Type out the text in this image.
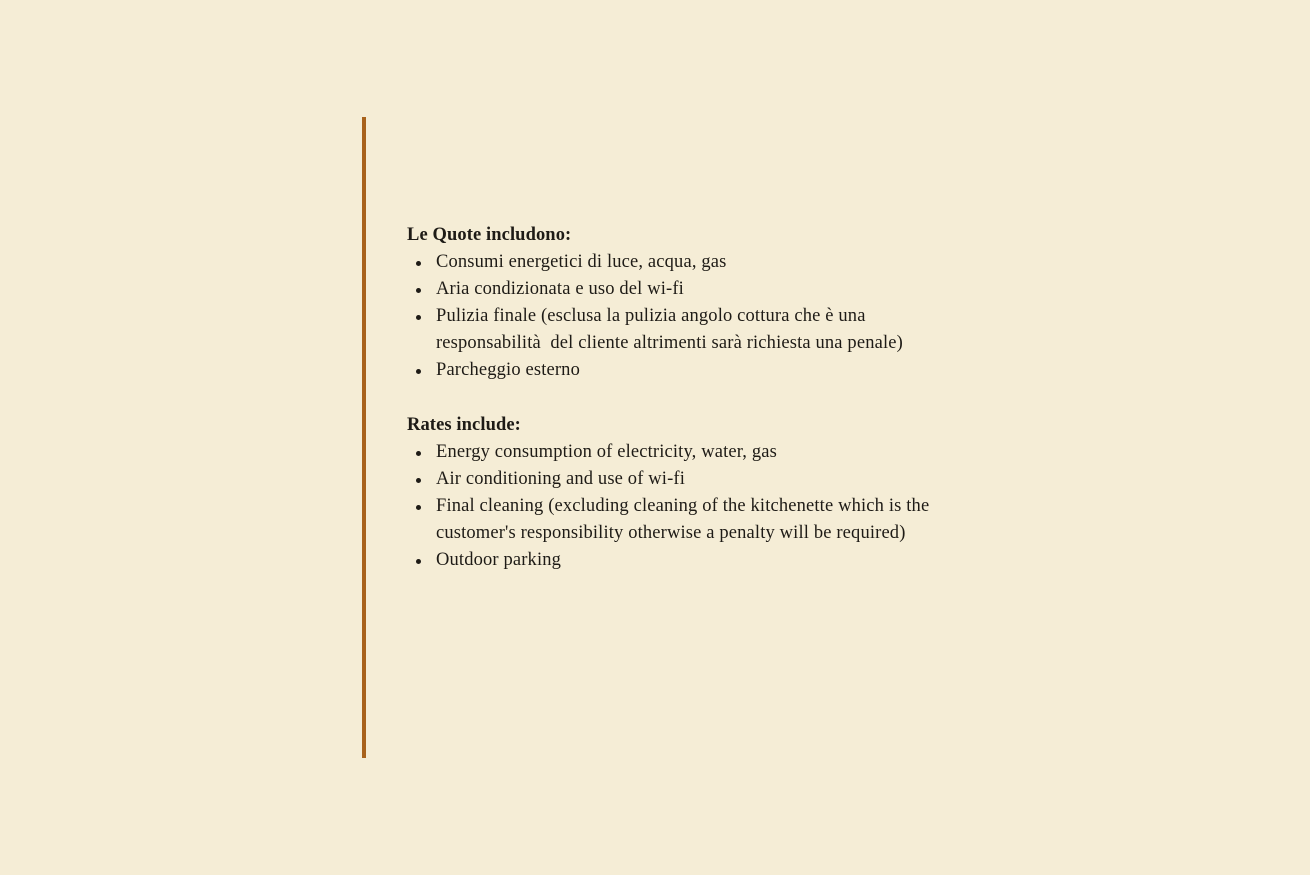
Le Quote includono:

Consumi energetici di luce, acqua, gas
Aria condizionata e uso del wi-fi
Pulizia finale (esclusa la pulizia angolo cottura che è una responsabilità  del cliente altrimenti sarà richiesta una penale)
Parcheggio esterno

Rates include:

Energy consumption of electricity, water, gas
Air conditioning and use of wi-fi
Final cleaning (excluding cleaning of the kitchenette which is the customer's responsibility otherwise a penalty will be required)
Outdoor parking
